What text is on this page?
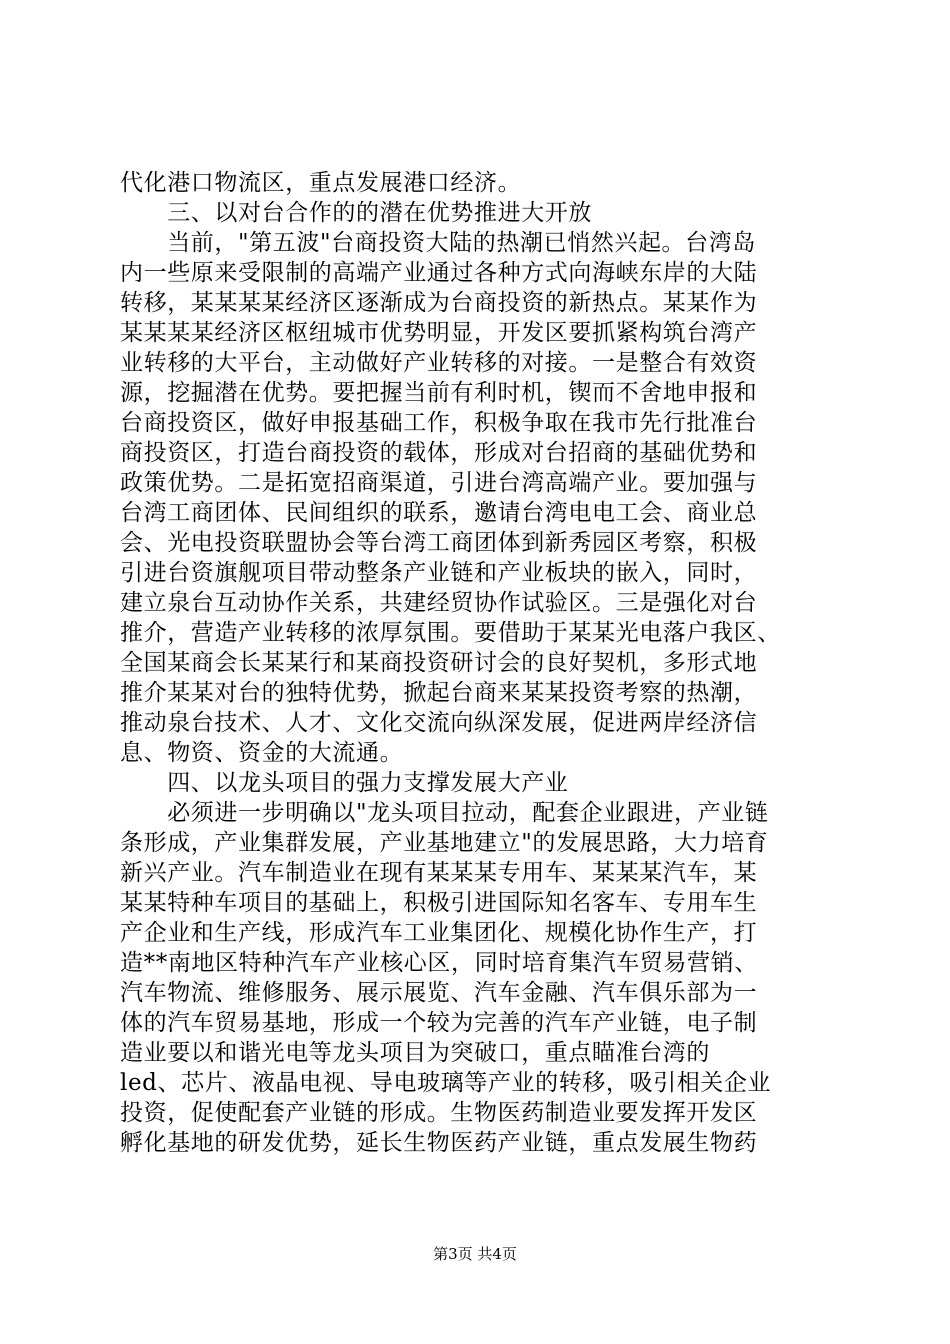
代化港口物流区，重点发展港口经济。
　　三、以对台合作的的潜在优势推进大开放
　　当前，"第五波"台商投资大陆的热潮已悄然兴起。台湾岛
内一些原来受限制的高端产业通过各种方式向海峡东岸的大陆
转移，某某某某经济区逐渐成为台商投资的新热点。某某作为
某某某某经济区枢纽城市优势明显，开发区要抓紧构筑台湾产
业转移的大平台，主动做好产业转移的对接。一是整合有效资
源，挖掘潜在优势。要把握当前有利时机，锲而不舍地申报和
台商投资区，做好申报基础工作，积极争取在我市先行批准台
商投资区，打造台商投资的载体，形成对台招商的基础优势和
政策优势。二是拓宽招商渠道，引进台湾高端产业。要加强与
台湾工商团体、民间组织的联系，邀请台湾电电工会、商业总
会、光电投资联盟协会等台湾工商团体到新秀园区考察，积极
引进台资旗舰项目带动整条产业链和产业板块的嵌入，同时，
建立泉台互动协作关系，共建经贸协作试验区。三是强化对台
推介，营造产业转移的浓厚氛围。要借助于某某光电落户我区、
全国某商会长某某行和某商投资研讨会的良好契机，多形式地
推介某某对台的独特优势，掀起台商来某某投资考察的热潮，
推动泉台技术、人才、文化交流向纵深发展，促进两岸经济信
息、物资、资金的大流通。
　　四、以龙头项目的强力支撑发展大产业
　　必须进一步明确以"龙头项目拉动，配套企业跟进，产业链
条形成，产业集群发展，产业基地建立"的发展思路，大力培育
新兴产业。汽车制造业在现有某某某专用车、某某某汽车，某
某某特种车项目的基础上，积极引进国际知名客车、专用车生
产企业和生产线，形成汽车工业集团化、规模化协作生产，打
造**南地区特种汽车产业核心区，同时培育集汽车贸易营销、
汽车物流、维修服务、展示展览、汽车金融、汽车俱乐部为一
体的汽车贸易基地，形成一个较为完善的汽车产业链，电子制
造业要以和谐光电等龙头项目为突破口，重点瞄准台湾的
led、芯片、液晶电视、导电玻璃等产业的转移，吸引相关企业
投资，促使配套产业链的形成。生物医药制造业要发挥开发区
孵化基地的研发优势，延长生物医药产业链，重点发展生物药
第3页 共4页
